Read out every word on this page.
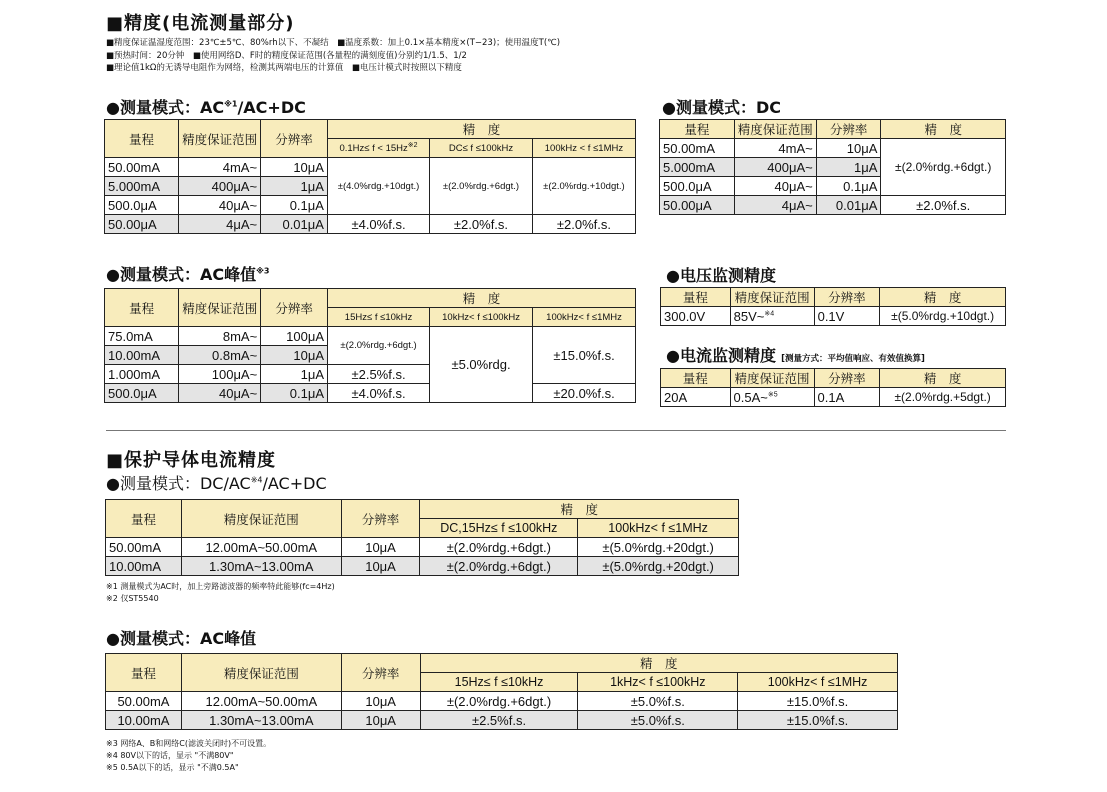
■精度(电流测量部分)
■精度保证温湿度范围：23℃±5℃、80%rh以下、不凝结　■温度系数：加上0.1×基本精度×(T−23)；使用温度T(℃)
■预热时间：20分钟　■使用网络D、F时的精度保证范围(各量程的满刻度值)分别约1/1.5、1/2
■理论值1kΩ的无诱导电阻作为网络，检测其两端电压的计算值　■电压计模式时按照以下精度
●测量模式：$AC^{※1}/AC+DC$
量程	精度保证范围	分辨率	精　度		
			$0.1Hz\le f < 15Hz^{※2}$	DC≤ f ≤100kHz	100kHz < f ≤1MHz
50.00mA	4mA~	10μA	±(4.0%rdg.+10dgt.)	±(2.0%rdg.+6dgt.)	±(2.0%rdg.+10dgt.)
5.000mA	400μA~	1μA			
500.0μA	40μA~	0.1μA			
50.00μA	4μA~	0.01μA	±4.0%f.s.	±2.0%f.s.	±2.0%f.s.
●测量模式：DC
量程	精度保证范围	分辨率	精　度
50.00mA	4mA~	10μA	±(2.0%rdg.+6dgt.)
5.000mA	400μA~	1μA	
500.0μA	40μA~	0.1μA	
50.00μA	4μA~	0.01μA	±2.0%f.s.
●测量模式：AC峰值$^{※3}$
量程	精度保证范围	分辨率	精　度		
			15Hz≤ f ≤10kHz	10kHz< f ≤100kHz	100kHz< f ≤1MHz
75.0mA	8mA~	100μA	±(2.0%rdg.+6dgt.)	±5.0%rdg.	±15.0%f.s.
10.00mA	0.8mA~	10μA			
1.000mA	100μA~	1μA	±2.5%f.s.		
500.0μA	40μA~	0.1μA	±4.0%f.s.		±20.0%f.s.
●电压监测精度
量程	精度保证范围	分辨率	精　度
300.0V	85V~$^{※4}$	0.1V	±(5.0%rdg.+10dgt.)
●电流监测精度 [测量方式：平均值响应、有效值换算]
量程	精度保证范围	分辨率	精　度
20A	0.5A~$^{※5}$	0.1A	±(2.0%rdg.+5dgt.)
■保护导体电流精度
●测量模式：$DC/AC^{※4}/AC+DC$
量程	精度保证范围	分辨率	精　度	
			DC,15Hz≤ f ≤100kHz	100kHz< f ≤1MHz
50.00mA	12.00mA~50.00mA	10μA	±(2.0%rdg.+6dgt.)	±(5.0%rdg.+20dgt.)
10.00mA	1.30mA~13.00mA	10μA	±(2.0%rdg.+6dgt.)	±(5.0%rdg.+20dgt.)
※1 测量模式为AC时，加上旁路滤波器的频率特此能够(fc=4Hz)
※2 仅ST5540
●测量模式：AC峰值
量程	精度保证范围	分辨率	精　度		
			15Hz≤ f ≤10kHz	1kHz< f ≤100kHz	100kHz< f ≤1MHz
50.00mA	12.00mA~50.00mA	10μA	±(2.0%rdg.+6dgt.)	±5.0%f.s.	±15.0%f.s.
10.00mA	1.30mA~13.00mA	10μA	±2.5%f.s.	±5.0%f.s.	±15.0%f.s.
※3 网络A、B和网络C(滤波关闭时)不可设置。
※4 80V以下的话，显示 "不满80V"
※5 0.5A以下的话，显示 "不满0.5A"
